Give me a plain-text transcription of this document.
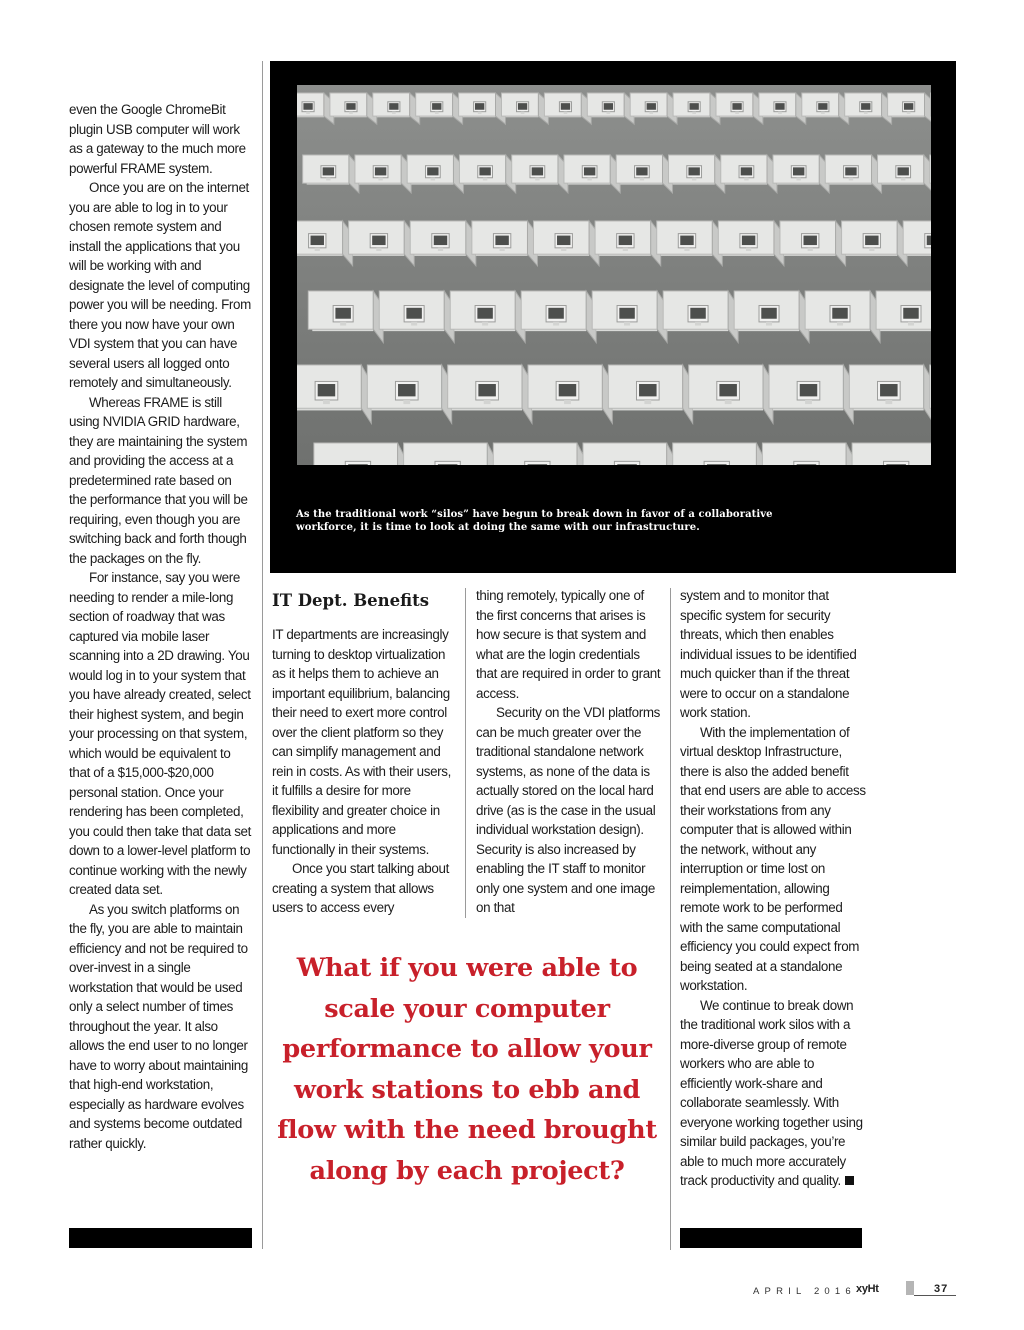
even the Google ChromeBit plugin USB computer will work as a gateway to the much more powerful FRAME system.

Once you are on the internet you are able to log in to your chosen remote system and install the applications that you will be working with and designate the level of computing power you will be needing. From there you now have your own VDI system that you can have several users all logged onto remotely and simultaneously.

Whereas FRAME is still using NVIDIA GRID hardware, they are maintaining the system and providing the access at a predetermined rate based on the performance that you will be requiring, even though you are switching back and forth though the packages on the fly.

For instance, say you were needing to render a mile-long section of roadway that was captured via mobile laser scanning into a 2D drawing. You would log in to your system that you have already created, select their highest system, and begin your processing on that system, which would be equivalent to that of a $15,000-$20,000 personal station. Once your rendering has been completed, you could then take that data set down to a lower-level platform to continue working with the newly created data set.

As you switch platforms on the fly, you are able to maintain efficiency and not be required to over-invest in a single workstation that would be used only a select number of times throughout the year. It also allows the end user to no longer have to worry about maintaining that high-end workstation, especially as hardware evolves and systems become outdated rather quickly.

As the traditional work “silos” have begun to break down in favor of a collaborative workforce, it is time to look at doing the same with our infrastructure.
IT Dept. Benefits

IT departments are increasingly turning to desktop virtualization as it helps them to achieve an important equilibrium, balancing their need to exert more control over the client platform so they can simplify management and rein in costs. As with their users, it fulfills a desire for more flexibility and greater choice in applications and more functionally in their systems.

Once you start talking about creating a system that allows users to access every

thing remotely, typically one of the first concerns that arises is how secure is that system and what are the login credentials that are required in order to grant access.

Security on the VDI platforms can be much greater over the traditional standalone network systems, as none of the data is actually stored on the local hard drive (as is the case in the usual individual workstation design). Security is also increased by enabling the IT staff to monitor only one system and one image on that

system and to monitor that specific system for security threats, which then enables individual issues to be identified much quicker than if the threat were to occur on a standalone work station.

With the implementation of virtual desktop Infrastructure, there is also the added benefit that end users are able to access their workstations from any computer that is allowed within the network, without any interruption or time lost on reimplementation, allowing remote work to be performed with the same computational efficiency you could expect from being seated at a standalone workstation.

We continue to break down the traditional work silos with a more-diverse group of remote workers who are able to efficiently work-share and collaborate seamlessly. With everyone working together using similar build packages, you’re able to much more accurately track productivity and quality.

What if you were able to scale your computer performance to allow your work stations to ebb and flow with the need brought along by each project?
APRIL 2016 xyHt	37
